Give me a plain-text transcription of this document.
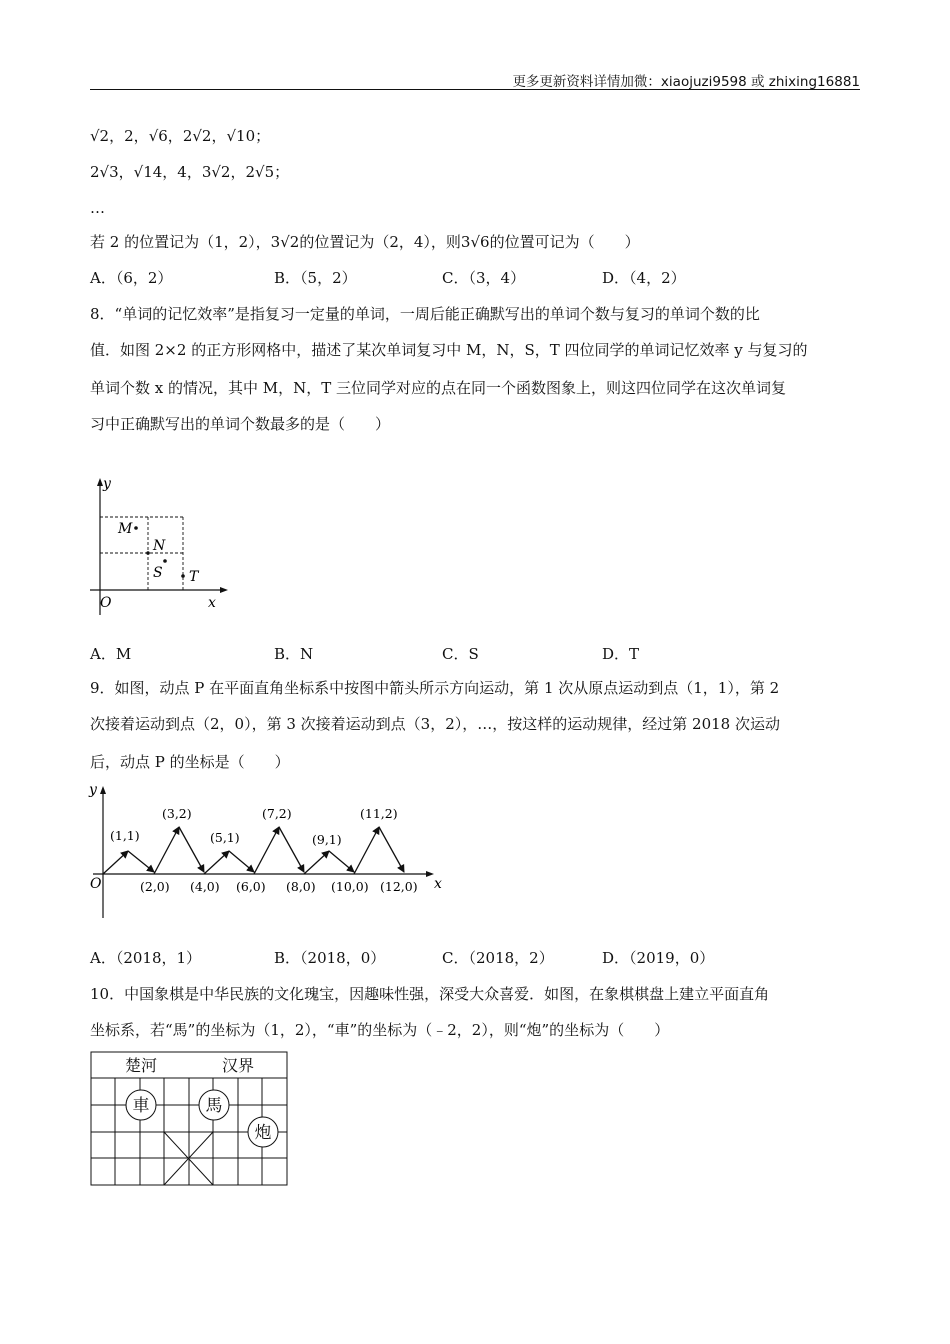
更多更新资料详情加微：xiaojuzi9598 或 zhixing16881
√2，2，√6，2√2，√10；
2√3，√14，4，3√2，2√5；
…
若 2 的位置记为（1，2），3√2的位置记为（2，4），则3√6的位置可记为（　　）
A．（6，2）	B．（5，2）	C．（3，4）	D．（4，2）
8．“单词的记忆效率”是指复习一定量的单词，一周后能正确默写出的单词个数与复习的单词个数的比
值．如图 2×2 的正方形网格中，描述了某次单词复习中 M，N，S，T 四位同学的单词记忆效率 y 与复习的
单词个数 x 的情况，其中 M，N，T 三位同学对应的点在同一个函数图象上，则这四位同学在这次单词复
习中正确默写出的单词个数最多的是（　　）
y
x
O
M
N
S T
A．M	B．N	C．S	D．T
9．如图，动点 P 在平面直角坐标系中按图中箭头所示方向运动，第 1 次从原点运动到点（1，1），第 2
次接着运动到点（2，0），第 3 次接着运动到点（3，2），…，按这样的运动规律，经过第 2018 次运动
后，动点 P 的坐标是（　　）
y
x
O
(1,1)
(3,2)
(5,1)
(7,2)
(9,1)
(11,2)
(2,0) (4,0) (6,0) (8,0) (10,0) (12,0)
A．（2018，1）	B．（2018，0）	C．（2018，2）	D．（2019，0）
10．中国象棋是中华民族的文化瑰宝，因趣味性强，深受大众喜爱．如图，在象棋棋盘上建立平面直角
坐标系，若“馬”的坐标为（1，2），“車”的坐标为（﹣2，2），则“炮”的坐标为（　　）
楚河	汉界
車	馬
炮
